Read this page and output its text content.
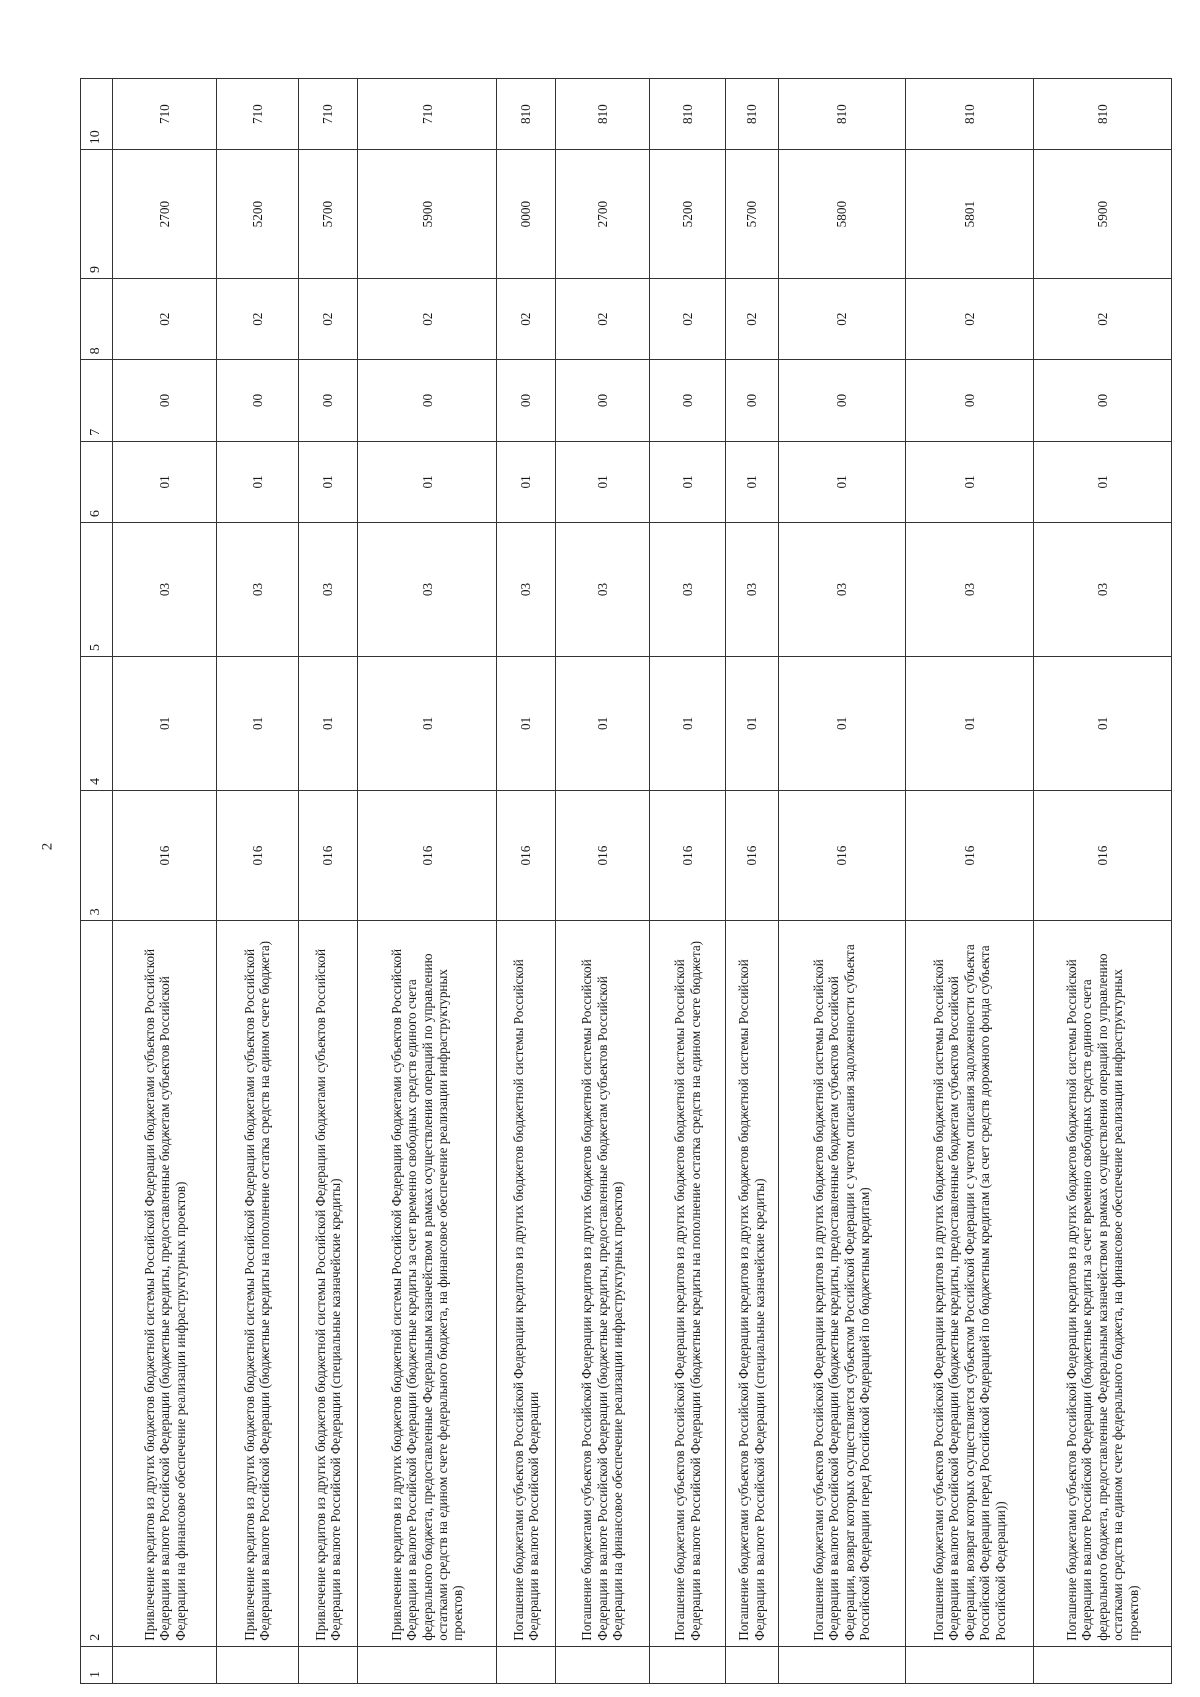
2
1	2	3	4	5	6	7	8	9	10
	Привлечение кредитов из других бюджетов бюджетной системы Российской Федерации бюджетами субъектов Российской Федерации в валюте Российской Федерации (бюджетные кредиты, предоставленные бюджетам субъектов Российской Федерации на финансовое обеспечение реализации инфраструктурных проектов)	016	01	03	01	00	02	2700	710
	Привлечение кредитов из других бюджетов бюджетной системы Российской Федерации бюджетами субъектов Российской Федерации в валюте Российской Федерации (бюджетные кредиты на пополнение остатка средств на едином счете бюджета)	016	01	03	01	00	02	5200	710
	Привлечение кредитов из других бюджетов бюджетной системы Российской Федерации бюджетами субъектов Российской Федерации в валюте Российской Федерации (специальные казначейские кредиты)	016	01	03	01	00	02	5700	710
	Привлечение кредитов из других бюджетов бюджетной системы Российской Федерации бюджетами субъектов Российской Федерации в валюте Российской Федерации (бюджетные кредиты за счет временно свободных средств единого счета федерального бюджета, предоставленные Федеральным казначейством в рамках осуществления операций по управлению остатками средств на едином счете федерального бюджета, на финансовое обеспечение реализации инфраструктурных проектов)	016	01	03	01	00	02	5900	710
	Погашение бюджетами субъектов Российской Федерации кредитов из других бюджетов бюджетной системы Российской Федерации в валюте Российской Федерации	016	01	03	01	00	02	0000	810
	Погашение бюджетами субъектов Российской Федерации кредитов из других бюджетов бюджетной системы Российской Федерации в валюте Российской Федерации (бюджетные кредиты, предоставленные бюджетам субъектов Российской Федерации на финансовое обеспечение реализации инфраструктурных проектов)	016	01	03	01	00	02	2700	810
	Погашение бюджетами субъектов Российской Федерации кредитов из других бюджетов бюджетной системы Российской Федерации в валюте Российской Федерации (бюджетные кредиты на пополнение остатка средств на едином счете бюджета)	016	01	03	01	00	02	5200	810
	Погашение бюджетами субъектов Российской Федерации кредитов из других бюджетов бюджетной системы Российской Федерации в валюте Российской Федерации (специальные казначейские кредиты)	016	01	03	01	00	02	5700	810
	Погашение бюджетами субъектов Российской Федерации кредитов из других бюджетов бюджетной системы Российской Федерации в валюте Российской Федерации (бюджетные кредиты, предоставленные бюджетам субъектов Российской Федерации, возврат которых осуществляется субъектом Российской Федерации с учетом списания задолженности субъекта Российской Федерации перед Российской Федерацией по бюджетным кредитам)	016	01	03	01	00	02	5800	810
	Погашение бюджетами субъектов Российской Федерации кредитов из других бюджетов бюджетной системы Российской Федерации в валюте Российской Федерации (бюджетные кредиты, предоставленные бюджетам субъектов Российской Федерации, возврат которых осуществляется субъектом Российской Федерации с учетом списания задолженности субъекта Российской Федерации перед Российской Федерацией по бюджетным кредитам (за счет средств дорожного фонда субъекта Российской Федерации))	016	01	03	01	00	02	5801	810
	Погашение бюджетами субъектов Российской Федерации кредитов из других бюджетов бюджетной системы Российской Федерации в валюте Российской Федерации (бюджетные кредиты за счет временно свободных средств единого счета федерального бюджета, предоставленные Федеральным казначейством в рамках осуществления операций по управлению остатками средств на едином счете федерального бюджета, на финансовое обеспечение реализации инфраструктурных проектов)	016	01	03	01	00	02	5900	810
